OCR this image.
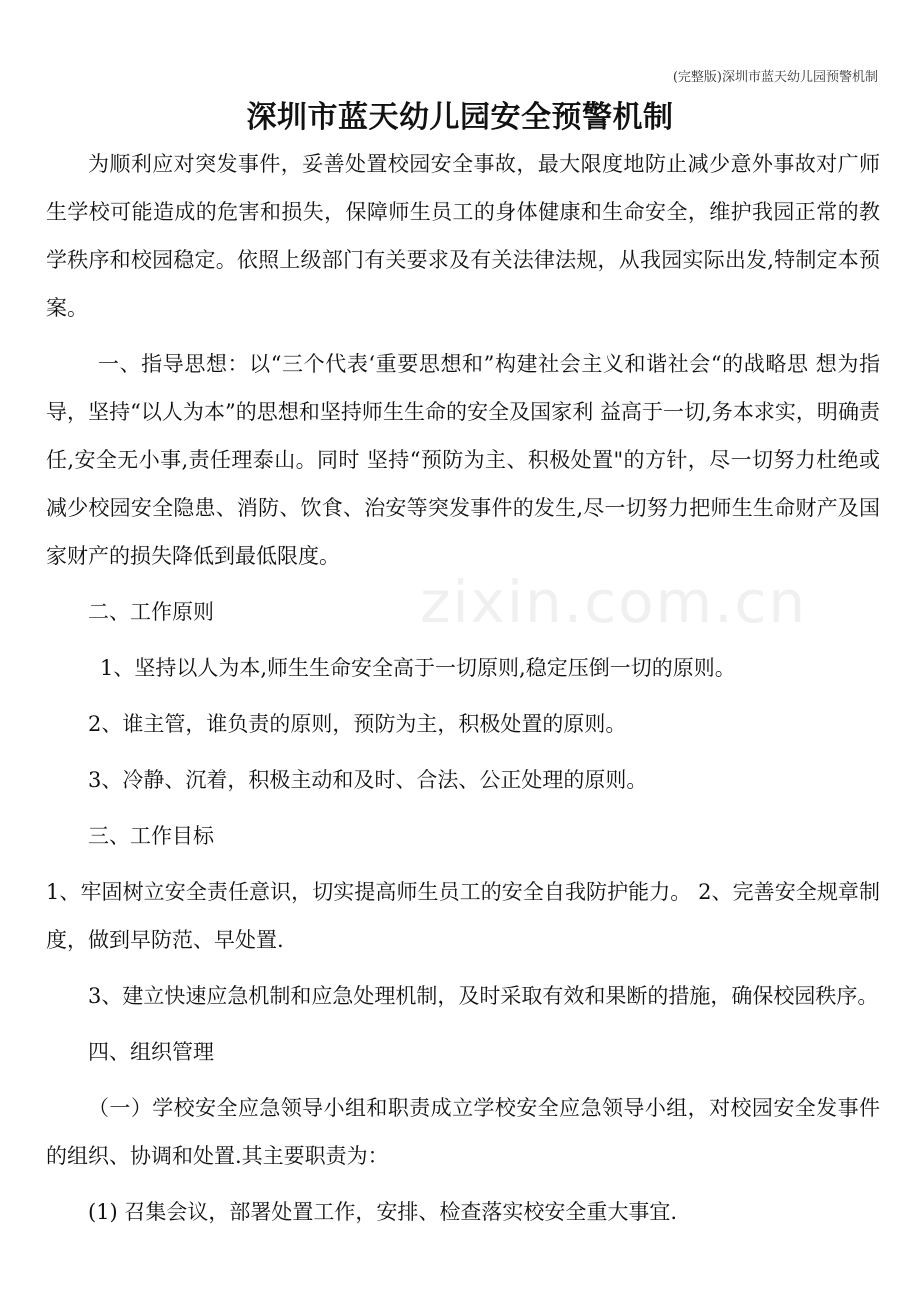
(完整版)深圳市蓝天幼儿园预警机制
zixin.com.cn
深圳市蓝天幼儿园安全预警机制

为顺利应对突发事件，妥善处置校园安全事故，最大限度地防止减少意外事故对广师生学校可能造成的危害和损失，保障师生员工的身体健康和生命安全，维护我园正常的教学秩序和校园稳定。依照上级部门有关要求及有关法律法规，从我园实际出发,特制定本预案。

一、指导思想：以“三个代表‘重要思想和”构建社会主义和谐社会“的战略思 想为指导，坚持“以人为本”的思想和坚持师生生命的安全及国家利 益高于一切,务本求实，明确责任,安全无小事,责任理泰山。同时 坚持“预防为主、积极处置"的方针，尽一切努力杜绝或减少校园安全隐患、消防、饮食、治安等突发事件的发生,尽一切努力把师生生命财产及国家财产的损失降低到最低限度。

二、工作原则

1、坚持以人为本,师生生命安全高于一切原则,稳定压倒一切的原则。

2、谁主管，谁负责的原则，预防为主，积极处置的原则。

3、冷静、沉着，积极主动和及时、合法、公正处理的原则。

三、工作目标

1、牢固树立安全责任意识，切实提高师生员工的安全自我防护能力。 2、完善安全规章制度，做到早防范、早处置.

3、建立快速应急机制和应急处理机制，及时采取有效和果断的措施，确保校园秩序。

四、组织管理

（一）学校安全应急领导小组和职责成立学校安全应急领导小组，对校园安全发事件的组织、协调和处置.其主要职责为：

(1) 召集会议，部署处置工作，安排、检查落实校安全重大事宜.
